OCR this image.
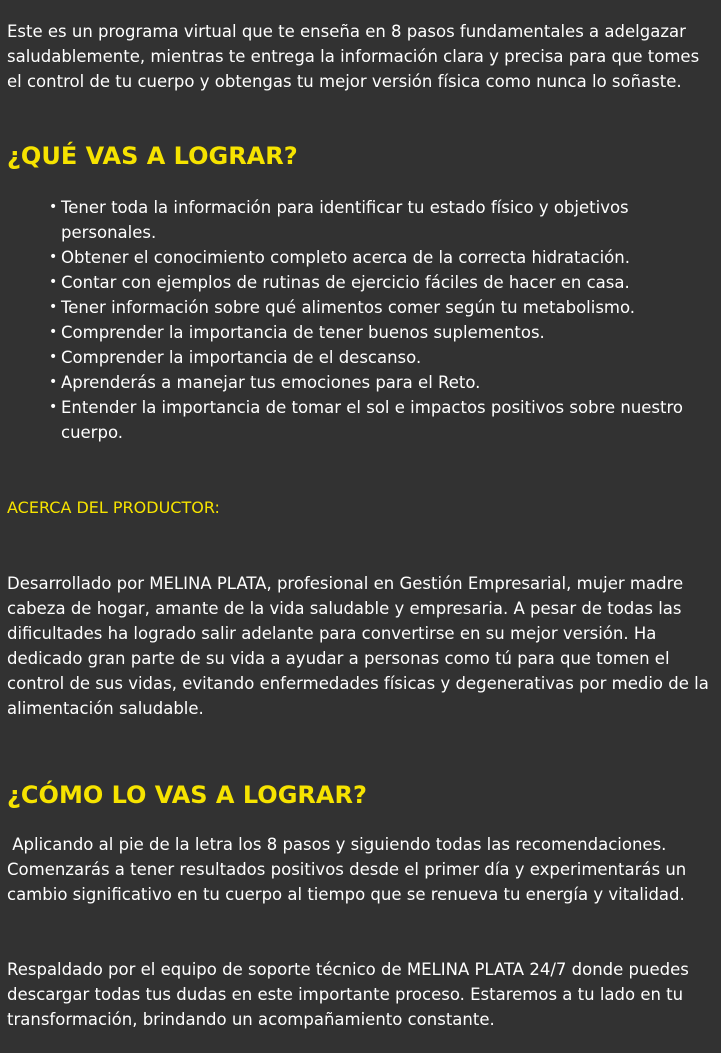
Este es un programa virtual que te enseña en 8 pasos fundamentales a adelgazar saludablemente, mientras te entrega la información clara y precisa para que tomes el control de tu cuerpo y obtengas tu mejor versión física como nunca lo soñaste.

¿QUÉ VAS A LOGRAR?
• Tener toda la información para identificar tu estado físico y objetivos personales.
• Obtener el conocimiento completo acerca de la correcta hidratación.
• Contar con ejemplos de rutinas de ejercicio fáciles de hacer en casa.
• Tener información sobre qué alimentos comer según tu metabolismo.
• Comprender la importancia de tener buenos suplementos.
• Comprender la importancia de el descanso.
• Aprenderás a manejar tus emociones para el Reto.
• Entender la importancia de tomar el sol e impactos positivos sobre nuestro cuerpo.

ACERCA DEL PRODUCTOR:

Desarrollado por MELINA PLATA, profesional en Gestión Empresarial, mujer madre cabeza de hogar, amante de la vida saludable y empresaria. A pesar de todas las dificultades ha logrado salir adelante para convertirse en su mejor versión. Ha dedicado gran parte de su vida a ayudar a personas como tú para que tomen el control de sus vidas, evitando enfermedades físicas y degenerativas por medio de la alimentación saludable.

¿CÓMO LO VAS A LOGRAR?

Aplicando al pie de la letra los 8 pasos y siguiendo todas las recomendaciones. Comenzarás a tener resultados positivos desde el primer día y experimentarás un cambio significativo en tu cuerpo al tiempo que se renueva tu energía y vitalidad.

Respaldado por el equipo de soporte técnico de MELINA PLATA 24/7 donde puedes descargar todas tus dudas en este importante proceso. Estaremos a tu lado en tu transformación, brindando un acompañamiento constante.
